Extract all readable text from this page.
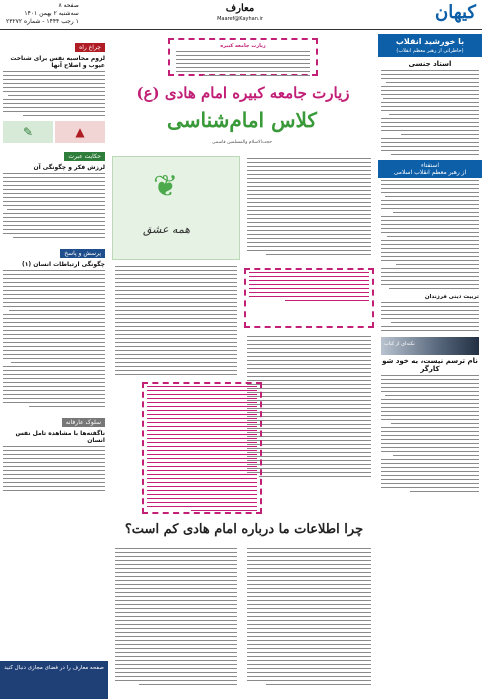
صفحه ۸
سه‌شنبه ۲ بهمن ۱۴۰۱
۱ رجب ۱۴۴۴ - شماره ۲۳۲۷۲
معارف
Maaref@Kayhan.ir	کیهان
با خورشید انقلاب
(خاطراتی از رهبر معظم انقلاب)
استاد جنسی
استفتاء
از رهبر معظم انقلاب اسلامی
تربیت دینی فرزندان
نکته‌ای از کتاب
نام ترسم نیست، به خود شو کارگر
چراغ راه
لزوم محاسبه نفس برای شناخت عیوب و اصلاح آنها
▲
✎
حکایت عبرت
لرزش فکر و چگونگی آن
پرسش و پاسخ
چگونگی ارتباطات انسان (۱)
سلوک عارفانه
ناگفته‌ها با مشاهده تامل نفس انسان
صفحه معارف را در فضای مجازی دنبال کنید
زیارت جامعه کبیره
زیارت جامعه کبیره امام هادی (ع)
کلاس امام‌شناسی
حجت‌الاسلام والمسلمین قاسمی
❦
همه عشق
چرا اطلاعات ما درباره امام هادی کم است؟
